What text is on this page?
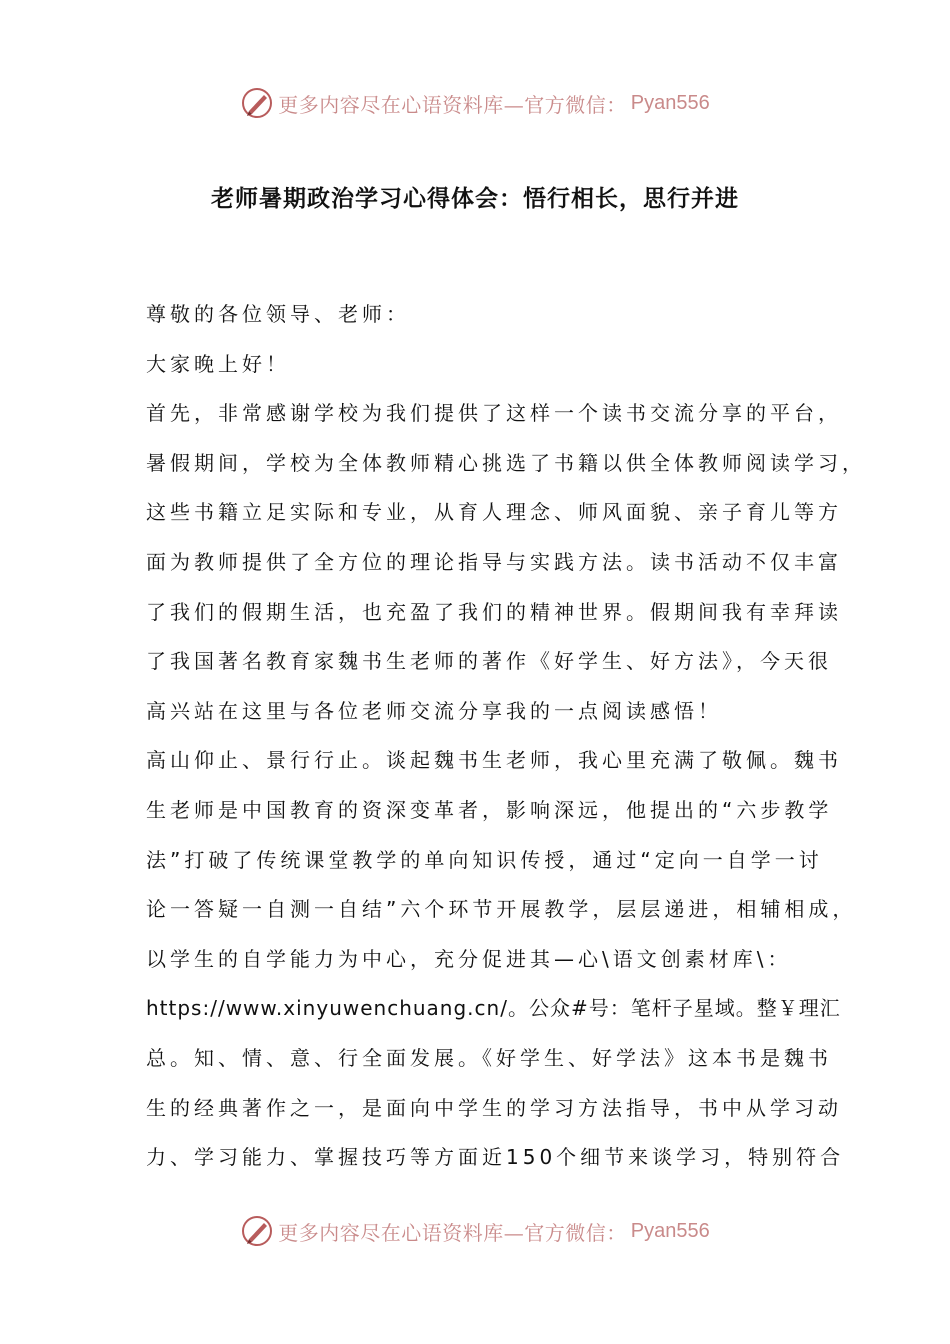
更多内容尽在心语资料库—官方微信： Pyan556
老师暑期政治学习心得体会：悟行相长，思行并进
尊敬的各位领导、老师：
大家晚上好！
首先，非常感谢学校为我们提供了这样一个读书交流分享的平台，
暑假期间，学校为全体教师精心挑选了书籍以供全体教师阅读学习，
这些书籍立足实际和专业，从育人理念、师风面貌、亲子育儿等方
面为教师提供了全方位的理论指导与实践方法。读书活动不仅丰富
了我们的假期生活，也充盈了我们的精神世界。假期间我有幸拜读
了我国著名教育家魏书生老师的著作《好学生、好方法》，今天很
高兴站在这里与各位老师交流分享我的一点阅读感悟！
高山仰止、景行行止。谈起魏书生老师，我心里充满了敬佩。魏书
生老师是中国教育的资深变革者，影响深远，他提出的“六步教学
法”打破了传统课堂教学的单向知识传授，通过“定向一自学一讨
论一答疑一自测一自结”六个环节开展教学，层层递进，相辅相成，
以学生的自学能力为中心，充分促进其—心\语文创素材库\：
https://www.xinyuwenchuang.cn/。公众#号：笔杆子星域。整￥理汇
总。知、情、意、行全面发展。《好学生、好学法》这本书是魏书
生的经典著作之一，是面向中学生的学习方法指导，书中从学习动
力、学习能力、掌握技巧等方面近150个细节来谈学习，特别符合
更多内容尽在心语资料库—官方微信： Pyan556
